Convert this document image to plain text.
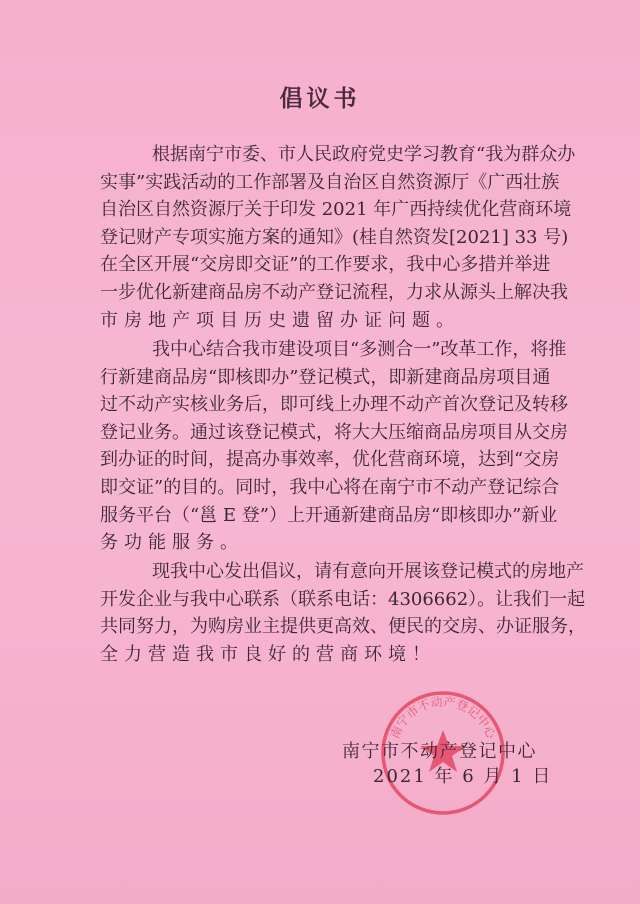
倡议书
根据南宁市委、市人民政府党史学习教育“我为群众办
实事”实践活动的工作部署及自治区自然资源厅《广西壮族
自治区自然资源厅关于印发 2021 年广西持续优化营商环境
登记财产专项实施方案的通知》(桂自然资发[2021] 33 号)
在全区开展“交房即交证”的工作要求，我中心多措并举进
一步优化新建商品房不动产登记流程，力求从源头上解决我
市房地产项目历史遗留办证问题。
我中心结合我市建设项目“多测合一”改革工作，将推
行新建商品房“即核即办”登记模式，即新建商品房项目通
过不动产实核业务后，即可线上办理不动产首次登记及转移
登记业务。通过该登记模式，将大大压缩商品房项目从交房
到办证的时间，提高办事效率，优化营商环境，达到“交房
即交证”的目的。同时，我中心将在南宁市不动产登记综合
服务平台（“邕 E 登”）上开通新建商品房“即核即办”新业
务功能服务。
现我中心发出倡议，请有意向开展该登记模式的房地产
开发企业与我中心联系（联系电话：4306662）。让我们一起
共同努力，为购房业主提供更高效、便民的交房、办证服务，
全力营造我市良好的营商环境！
南宁市不动产登记中心
南宁市不动产登记中心
2021 年 6 月 1 日
